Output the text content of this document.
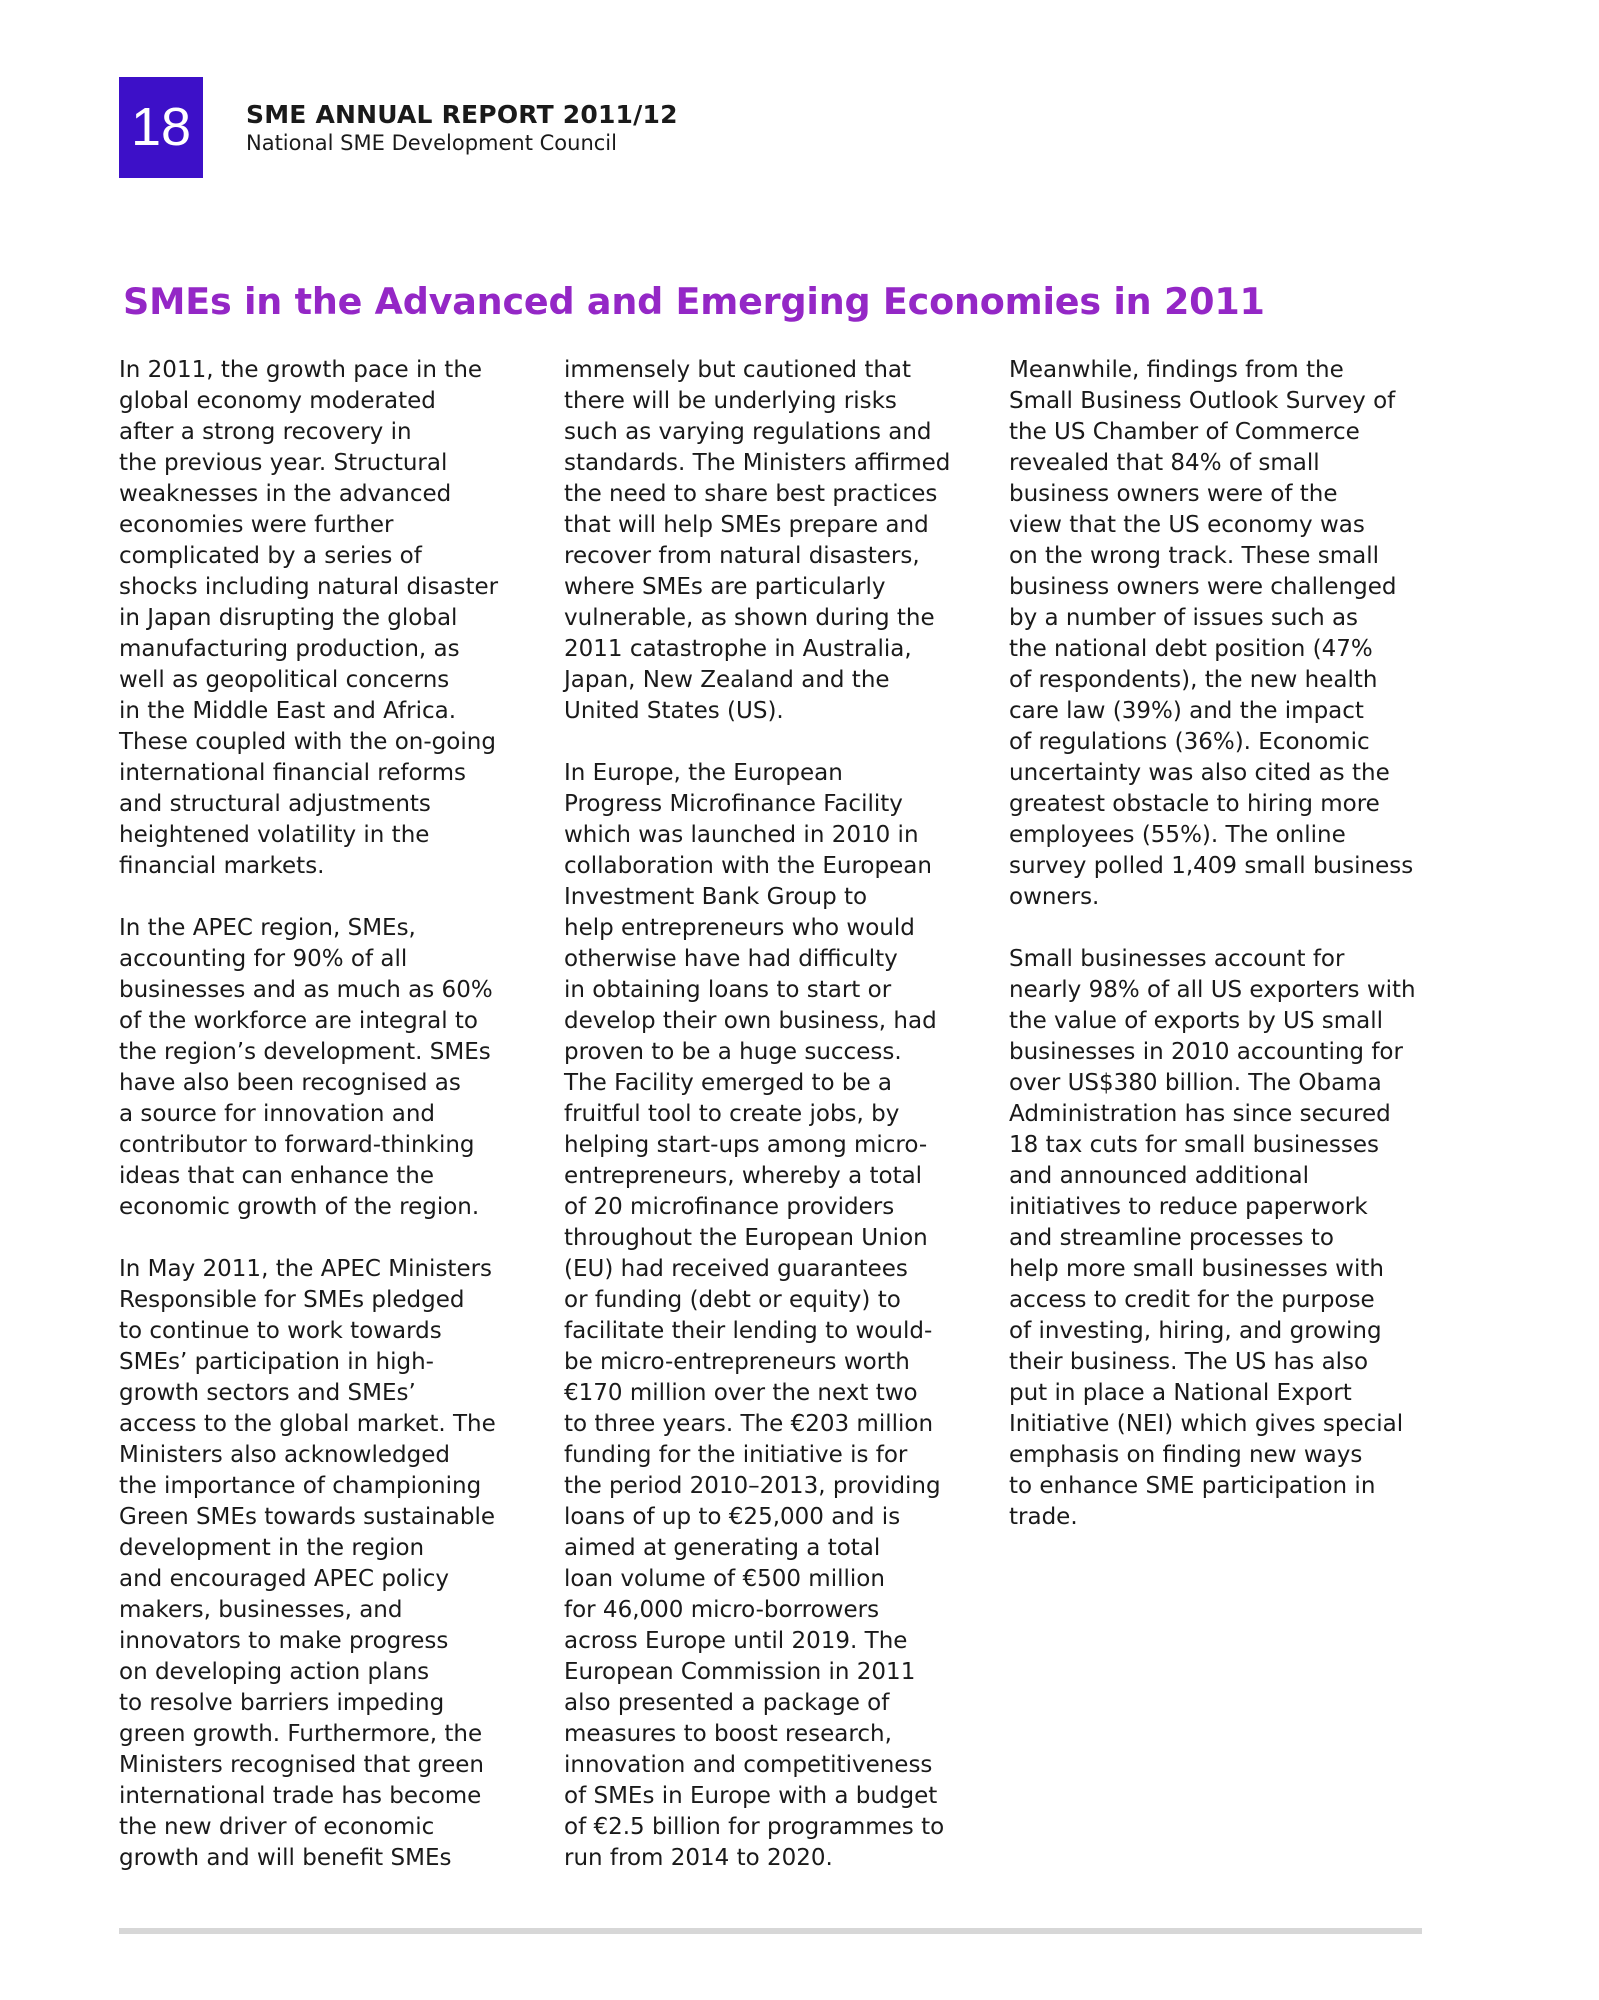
18	SME ANNUAL REPORT 2011/12
National SME Development Council
SMEs in the Advanced and Emerging Economies in 2011
In 2011, the growth pace in the
global economy moderated
after a strong recovery in
the previous year. Structural
weaknesses in the advanced
economies were further
complicated by a series of
shocks including natural disaster
in Japan disrupting the global
manufacturing production, as
well as geopolitical concerns
in the Middle East and Africa.
These coupled with the on-going
international financial reforms
and structural adjustments
heightened volatility in the
financial markets.
In the APEC region, SMEs,
accounting for 90% of all
businesses and as much as 60%
of the workforce are integral to
the region’s development. SMEs
have also been recognised as
a source for innovation and
contributor to forward-thinking
ideas that can enhance the
economic growth of the region.
In May 2011, the APEC Ministers
Responsible for SMEs pledged
to continue to work towards
SMEs’ participation in high-
growth sectors and SMEs’
access to the global market. The
Ministers also acknowledged
the importance of championing
Green SMEs towards sustainable
development in the region
and encouraged APEC policy
makers, businesses, and
innovators to make progress
on developing action plans
to resolve barriers impeding
green growth. Furthermore, the
Ministers recognised that green
international trade has become
the new driver of economic
growth and will benefit SMEs
immensely but cautioned that
there will be underlying risks
such as varying regulations and
standards. The Ministers affirmed
the need to share best practices
that will help SMEs prepare and
recover from natural disasters,
where SMEs are particularly
vulnerable, as shown during the
2011 catastrophe in Australia,
Japan, New Zealand and the
United States (US).
In Europe, the European
Progress Microfinance Facility
which was launched in 2010 in
collaboration with the European
Investment Bank Group to
help entrepreneurs who would
otherwise have had difficulty
in obtaining loans to start or
develop their own business, had
proven to be a huge success.
The Facility emerged to be a
fruitful tool to create jobs, by
helping start-ups among micro-
entrepreneurs, whereby a total
of 20 microfinance providers
throughout the European Union
(EU) had received guarantees
or funding (debt or equity) to
facilitate their lending to would-
be micro-entrepreneurs worth
€170 million over the next two
to three years. The €203 million
funding for the initiative is for
the period 2010–2013, providing
loans of up to €25,000 and is
aimed at generating a total
loan volume of €500 million
for 46,000 micro-borrowers
across Europe until 2019. The
European Commission in 2011
also presented a package of
measures to boost research,
innovation and competitiveness
of SMEs in Europe with a budget
of €2.5 billion for programmes to
run from 2014 to 2020.
Meanwhile, findings from the
Small Business Outlook Survey of
the US Chamber of Commerce
revealed that 84% of small
business owners were of the
view that the US economy was
on the wrong track. These small
business owners were challenged
by a number of issues such as
the national debt position (47%
of respondents), the new health
care law (39%) and the impact
of regulations (36%). Economic
uncertainty was also cited as the
greatest obstacle to hiring more
employees (55%). The online
survey polled 1,409 small business
owners.
Small businesses account for
nearly 98% of all US exporters with
the value of exports by US small
businesses in 2010 accounting for
over US$380 billion. The Obama
Administration has since secured
18 tax cuts for small businesses
and announced additional
initiatives to reduce paperwork
and streamline processes to
help more small businesses with
access to credit for the purpose
of investing, hiring, and growing
their business. The US has also
put in place a National Export
Initiative (NEI) which gives special
emphasis on finding new ways
to enhance SME participation in
trade.
